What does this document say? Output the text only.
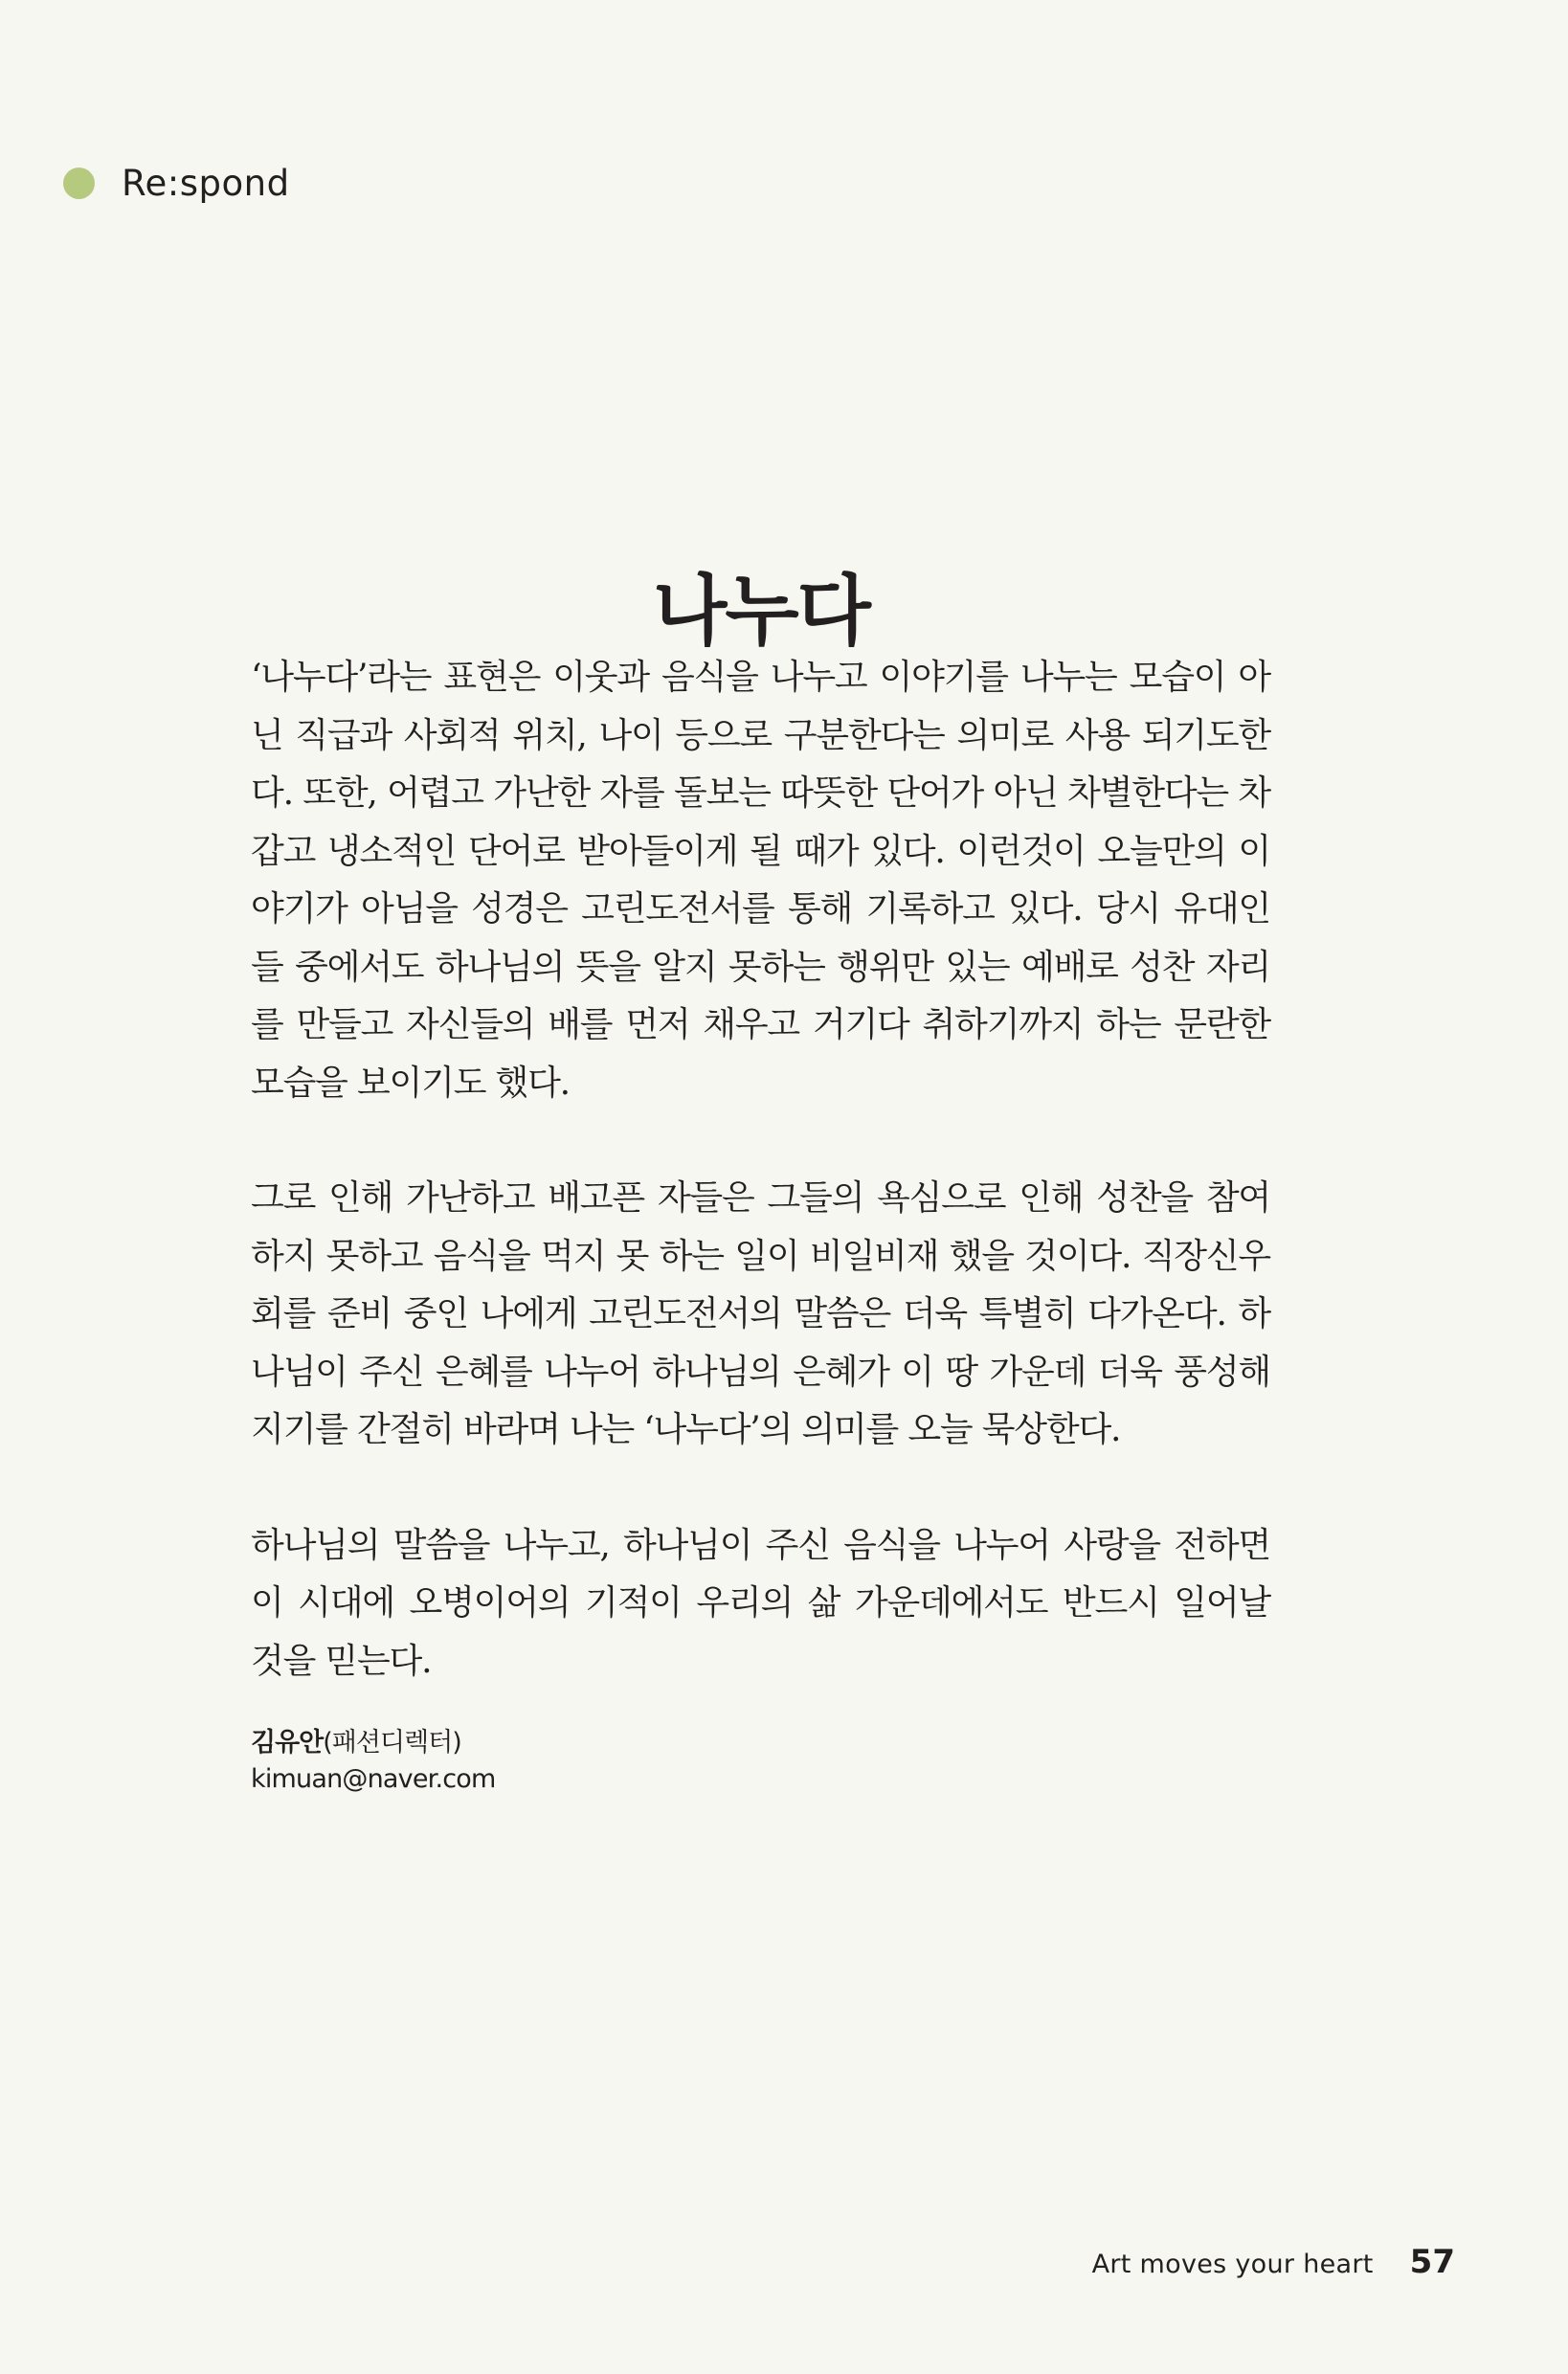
Re:spond
나누다

‘나누다’라는 표현은 이웃과 음식을 나누고 이야기를 나누는 모습이 아닌 직급과 사회적 위치, 나이 등으로 구분한다는 의미로 사용 되기도한다. 또한, 어렵고 가난한 자를 돌보는 따뜻한 단어가 아닌 차별한다는 차갑고 냉소적인 단어로 받아들이게 될 때가 있다. 이런것이 오늘만의 이야기가 아님을 성경은 고린도전서를 통해 기록하고 있다. 당시 유대인들 중에서도 하나님의 뜻을 알지 못하는 행위만 있는 예배로 성찬 자리를 만들고 자신들의 배를 먼저 채우고 거기다 취하기까지 하는 문란한 모습을 보이기도 했다.

그로 인해 가난하고 배고픈 자들은 그들의 욕심으로 인해 성찬을 참여하지 못하고 음식을 먹지 못 하는 일이 비일비재 했을 것이다. 직장신우회를 준비 중인 나에게 고린도전서의 말씀은 더욱 특별히 다가온다. 하나님이 주신 은혜를 나누어 하나님의 은혜가 이 땅 가운데 더욱 풍성해지기를 간절히 바라며 나는 ‘나누다’의 의미를 오늘 묵상한다.

하나님의 말씀을 나누고, 하나님이 주신 음식을 나누어 사랑을 전하면 이 시대에 오병이어의 기적이 우리의 삶 가운데에서도 반드시 일어날 것을 믿는다.

김유안(패션디렉터)
kimuan@naver.com
Art moves your heart 57
